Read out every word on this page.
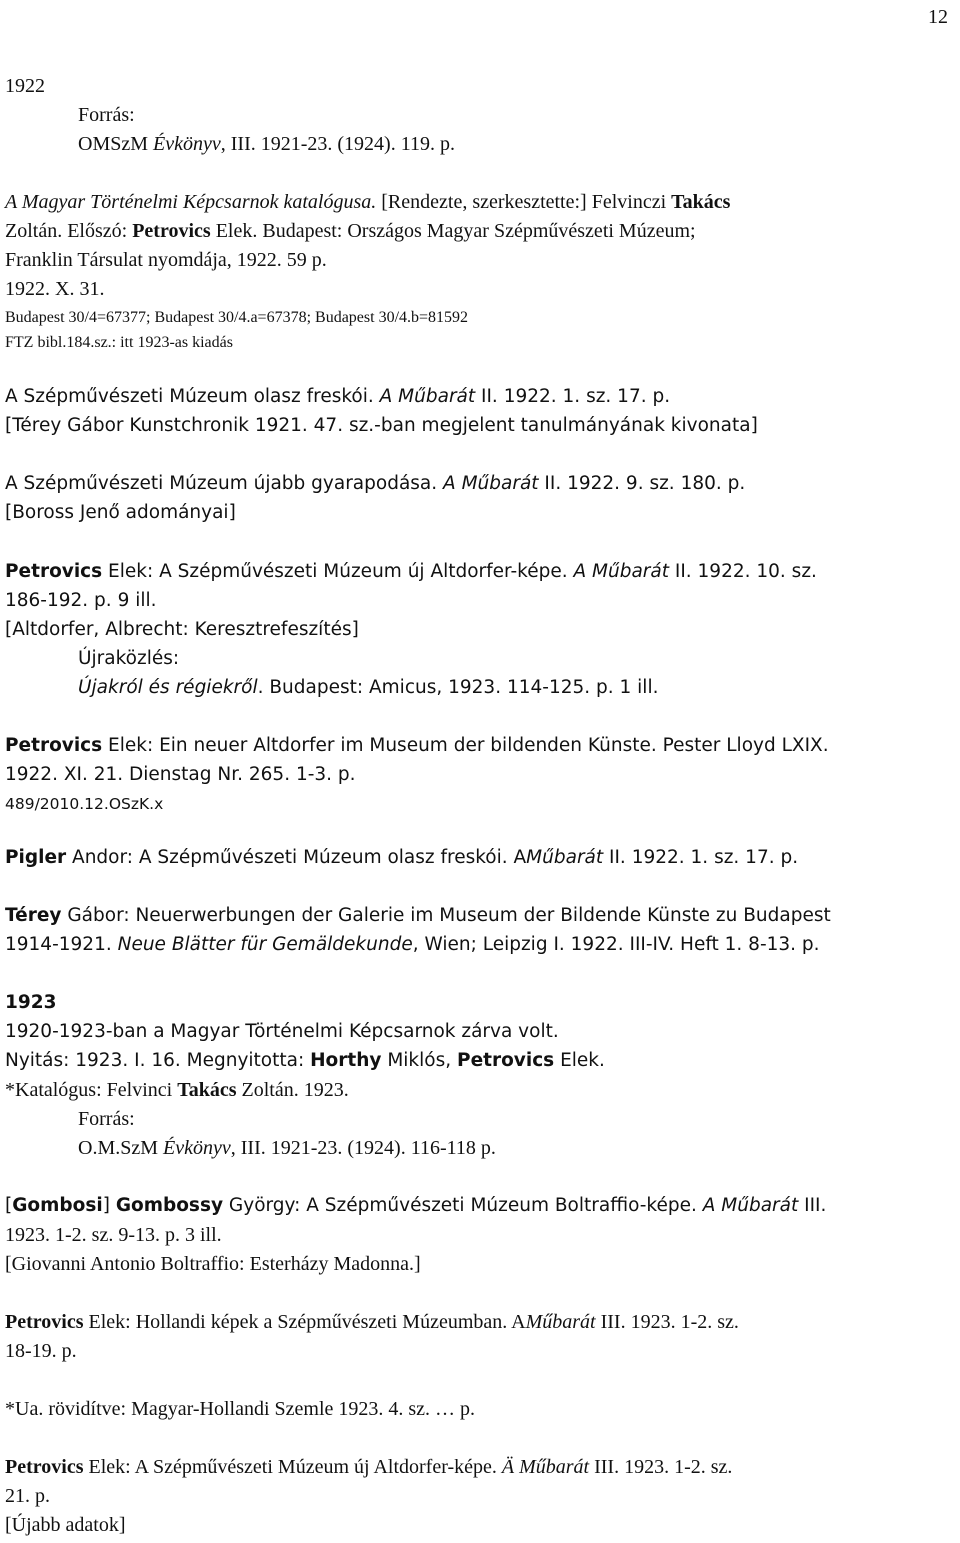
12
1922
Forrás:
OMSzM Évkönyv, III. 1921-23. (1924). 119. p.
A Magyar Történelmi Képcsarnok katalógusa. [Rendezte, szerkesztette:] Felvinczi Takács
Zoltán. Előszó: Petrovics Elek. Budapest: Országos Magyar Szépművészeti Múzeum;
Franklin Társulat nyomdája, 1922. 59 p.
1922. X. 31.
Budapest 30/4=67377; Budapest 30/4.a=67378; Budapest 30/4.b=81592
FTZ bibl.184.sz.: itt 1923-as kiadás
A Szépművészeti Múzeum olasz freskói. A Műbarát II. 1922. 1. sz. 17. p.
[Térey Gábor Kunstchronik 1921. 47. sz.-ban megjelent tanulmányának kivonata]
A Szépművészeti Múzeum újabb gyarapodása. A Műbarát II. 1922. 9. sz. 180. p.
[Boross Jenő adományai]
Petrovics Elek: A Szépművészeti Múzeum új Altdorfer-képe. A Műbarát II. 1922. 10. sz.
186-192. p. 9 ill.
[Altdorfer, Albrecht: Keresztrefeszítés]
Újraközlés:
Újakról és régiekről. Budapest: Amicus, 1923. 114-125. p. 1 ill.
Petrovics Elek: Ein neuer Altdorfer im Museum der bildenden Künste. Pester Lloyd LXIX.
1922. XI. 21. Dienstag Nr. 265. 1-3. p.
489/2010.12.OSzK.x
Pigler Andor: A Szépművészeti Múzeum olasz freskói. AMűbarát II. 1922. 1. sz. 17. p.
Térey Gábor: Neuerwerbungen der Galerie im Museum der Bildende Künste zu Budapest
1914-1921. Neue Blätter für Gemäldekunde, Wien; Leipzig I. 1922. III-IV. Heft 1. 8-13. p.
1923
1920-1923-ban a Magyar Történelmi Képcsarnok zárva volt.
Nyitás: 1923. I. 16. Megnyitotta: Horthy Miklós, Petrovics Elek.
*Katalógus: Felvinci Takács Zoltán. 1923.
Forrás:
O.M.SzM Évkönyv, III. 1921-23. (1924). 116-118 p.
[Gombosi] Gombossy György: A Szépművészeti Múzeum Boltraffio-képe. A Műbarát III.
1923. 1-2. sz. 9-13. p. 3 ill.
[Giovanni Antonio Boltraffio: Esterházy Madonna.]
Petrovics Elek: Hollandi képek a Szépművészeti Múzeumban. AMűbarát III. 1923. 1-2. sz.
18-19. p.
*Ua. rövidítve: Magyar-Hollandi Szemle 1923. 4. sz. … p.
Petrovics Elek: A Szépművészeti Múzeum új Altdorfer-képe. Ä Műbarát III. 1923. 1-2. sz.
21. p.
[Újabb adatok]
